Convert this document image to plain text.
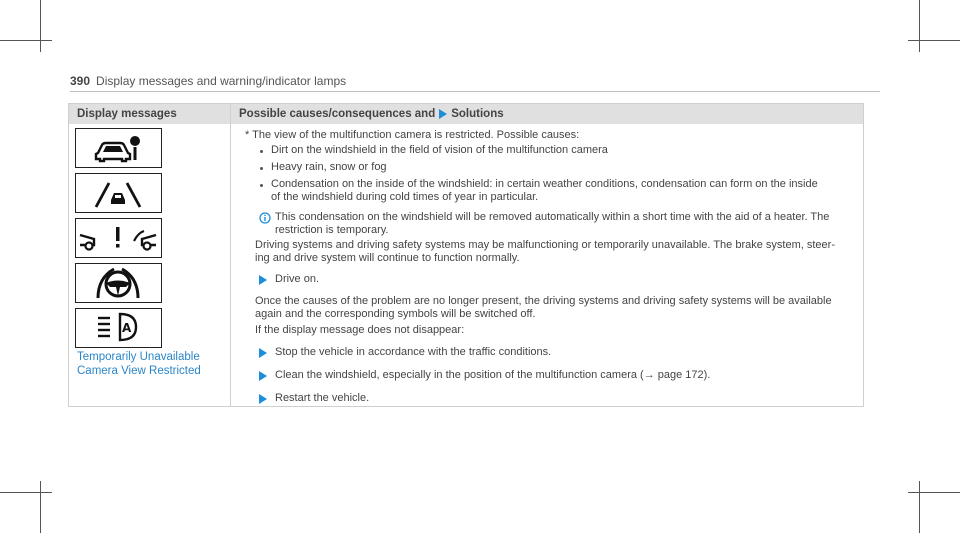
390 Display messages and warning/indicator lamps
Display messages	Possible causes/consequences and Solutions
A
Temporarily Unavailable
Camera View Restricted
* The view of the multifunction camera is restricted. Possible causes:
Dirt on the windshield in the field of vision of the multifunction camera
Heavy rain, snow or fog
Condensation on the inside of the windshield: in certain weather conditions, condensation can form on the inside
of the windshield during cold times of year in particular.
This condensation on the windshield will be removed automatically within a short time with the aid of a heater. The
restriction is temporary.
Driving systems and driving safety systems may be malfunctioning or temporarily unavailable. The brake system, steer-
ing and drive system will continue to function normally.
Drive on.
Once the causes of the problem are no longer present, the driving systems and driving safety systems will be available
again and the corresponding symbols will be switched off.
If the display message does not disappear:
Stop the vehicle in accordance with the traffic conditions.
Clean the windshield, especially in the position of the multifunction camera (→ page 172).
Restart the vehicle.
